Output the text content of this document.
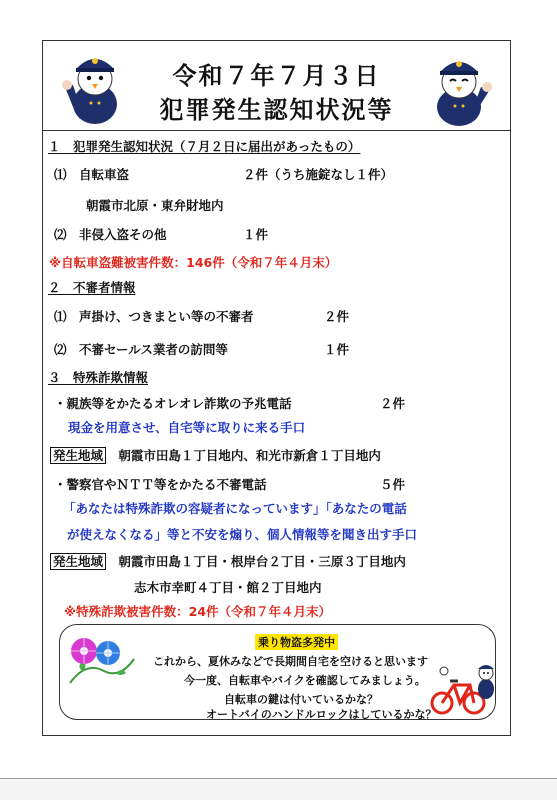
令和７年７月３日
犯罪発生認知状況等
１　犯罪発生認知状況（７月２日に届出があったもの）
⑴　自転車盗	２件（うち施錠なし１件）
朝霞市北原・東弁財地内
⑵　非侵入盗その他	１件
※自転車盗難被害件数：146件（令和７年４月末）
２　不審者情報
⑴　声掛け、つきまとい等の不審者	２件
⑵　不審セールス業者の訪問等	１件
３　特殊詐欺情報
・親族等をかたるオレオレ詐欺の予兆電話	２件
現金を用意させ、自宅等に取りに来る手口
発生地域 朝霞市田島１丁目地内、和光市新倉１丁目地内
・警察官やＮＴＴ等をかたる不審電話	５件
「あなたは特殊詐欺の容疑者になっています」「あなたの電話
が使えなくなる」等と不安を煽り、個人情報等を聞き出す手口
発生地域 朝霞市田島１丁目・根岸台２丁目・三原３丁目地内
志木市幸町４丁目・館２丁目地内
※特殊詐欺被害件数：24件（令和７年４月末）
乗り物盗多発中
これから、夏休みなどで長期間自宅を空けると思います
今一度、自転車やバイクを確認してみましょう。
自転車の鍵は付いているかな？
オートバイのハンドルロックはしているかな？
